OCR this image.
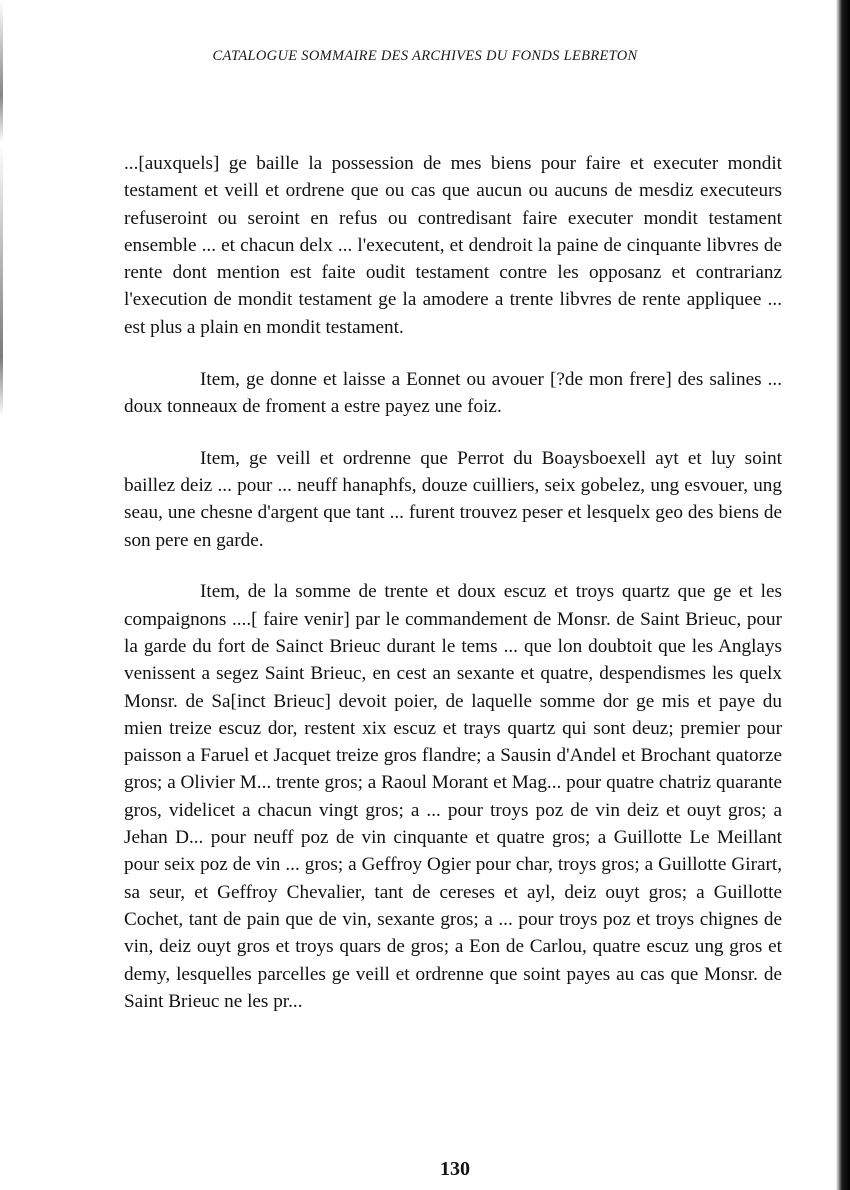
CATALOGUE SOMMAIRE DES ARCHIVES DU FONDS LEBRETON

...[auxquels] ge baille la possession de mes biens pour faire et executer mondit testament et veill et ordrene que ou cas que aucun ou aucuns de mesdiz executeurs refuseroint ou seroint en refus ou contredisant faire executer mondit testament ensemble ... et chacun delx ... l'executent, et dendroit la paine de cinquante libvres de rente dont mention est faite oudit testament contre les opposanz et contrarianz l'execution de mondit testament ge la amodere a trente libvres de rente appliquee ... est plus a plain en mondit testament.

Item, ge donne et laisse a Eonnet ou avouer [?de mon frere] des salines ... doux tonneaux de froment a estre payez une foiz.

Item, ge veill et ordrenne que Perrot du Boaysboexell ayt et luy soint baillez deiz ... pour ... neuff hanaphfs, douze cuilliers, seix gobelez, ung esvouer, ung seau, une chesne d'argent que tant ... furent trouvez peser et lesquelx geo des biens de son pere en garde.

Item, de la somme de trente et doux escuz et troys quartz que ge et les compaignons ....[ faire venir] par le commandement de Monsr. de Saint Brieuc, pour la garde du fort de Sainct Brieuc durant le tems ... que lon doubtoit que les Anglays venissent a segez Saint Brieuc, en cest an sexante et quatre, despendismes les quelx Monsr. de Sa[inct Brieuc] devoit poier, de laquelle somme dor ge mis et paye du mien treize escuz dor, restent xix escuz et trays quartz qui sont deuz; premier pour paisson a Faruel et Jacquet treize gros flandre; a Sausin d'Andel et Brochant quatorze gros; a Olivier M... trente gros; a Raoul Morant et Mag... pour quatre chatriz quarante gros, videlicet a chacun vingt gros; a ... pour troys poz de vin deiz et ouyt gros; a Jehan D... pour neuff poz de vin cinquante et quatre gros; a Guillotte Le Meillant pour seix poz de vin ... gros; a Geffroy Ogier pour char, troys gros; a Guillotte Girart, sa seur, et Geffroy Chevalier, tant de cereses et ayl, deiz ouyt gros; a Guillotte Cochet, tant de pain que de vin, sexante gros; a ... pour troys poz et troys chignes de vin, deiz ouyt gros et troys quars de gros; a Eon de Carlou, quatre escuz ung gros et demy, lesquelles parcelles ge veill et ordrenne que soint payes au cas que Monsr. de Saint Brieuc ne les pr...

130
